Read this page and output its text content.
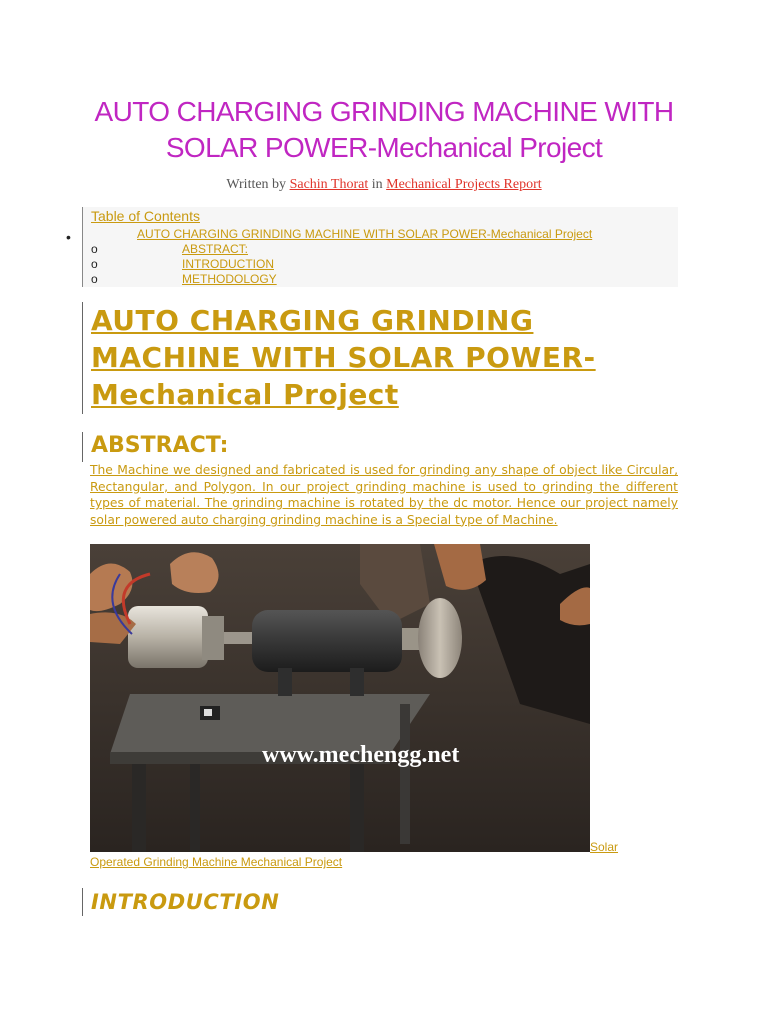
AUTO CHARGING GRINDING MACHINE WITH
SOLAR POWER-Mechanical Project
Written by Sachin Thorat in Mechanical Projects Report
•
Table of Contents
AUTO CHARGING GRINDING MACHINE WITH SOLAR POWER-Mechanical Project
o	ABSTRACT:
o	INTRODUCTION
o	METHODOLOGY
AUTO CHARGING GRINDING
MACHINE WITH SOLAR POWER-
Mechanical Project
ABSTRACT:
The Machine we designed and fabricated is used for grinding any shape of object like Circular, Rectangular, and Polygon. In our project grinding machine is used to grinding the different types of material. The grinding machine is rotated by the dc motor. Hence our project namely solar powered auto charging grinding machine is a Special type of Machine.
www.mechengg.net
Solar
Operated Grinding Machine Mechanical Project
INTRODUCTION
